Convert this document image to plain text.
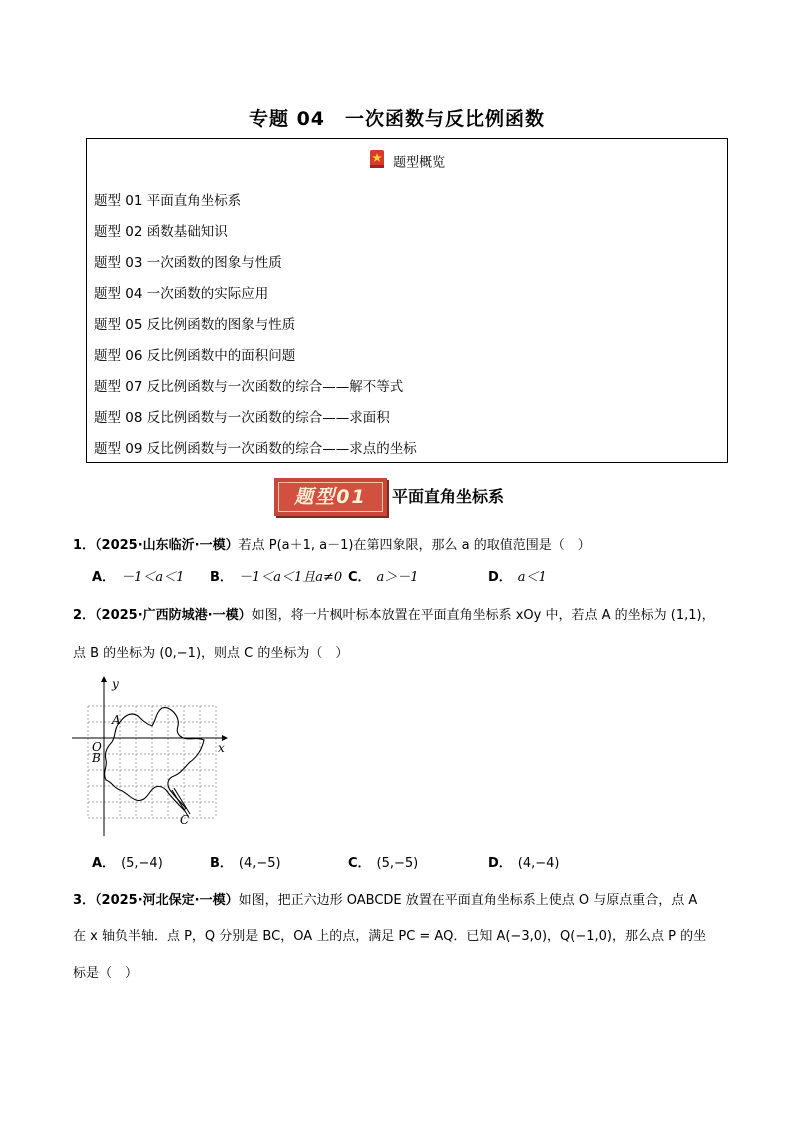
专题 04　一次函数与反比例函数
题型概览
题型 01 平面直角坐标系
题型 02 函数基础知识
题型 03 一次函数的图象与性质
题型 04 一次函数的实际应用
题型 05 反比例函数的图象与性质
题型 06 反比例函数中的面积问题
题型 07 反比例函数与一次函数的综合——解不等式
题型 08 反比例函数与一次函数的综合——求面积
题型 09 反比例函数与一次函数的综合——求点的坐标
题型01	平面直角坐标系
1．（2025·山东临沂·一模）若点 P(a＋1, a－1)在第四象限，那么 a 的取值范围是（　）
A． －1＜a＜1 B． －1＜a＜1且a≠0 C． a＞－1	D． a＜1
2．（2025·广西防城港·一模）如图，将一片枫叶标本放置在平面直角坐标系 xOy 中，若点 A 的坐标为 (1,1)，
点 B 的坐标为 (0,−1)，则点 C 的坐标为（　）
y
x
O
A
B
C
A． (5,−4)	B． (4,−5)	C． (5,−5)	D． (4,−4)
3．（2025·河北保定·一模）如图，把正六边形 OABCDE 放置在平面直角坐标系上使点 O 与原点重合，点 A
在 x 轴负半轴．点 P，Q 分别是 BC，OA 上的点，满足 PC = AQ．已知 A(−3,0)，Q(−1,0)，那么点 P 的坐
标是（　）
